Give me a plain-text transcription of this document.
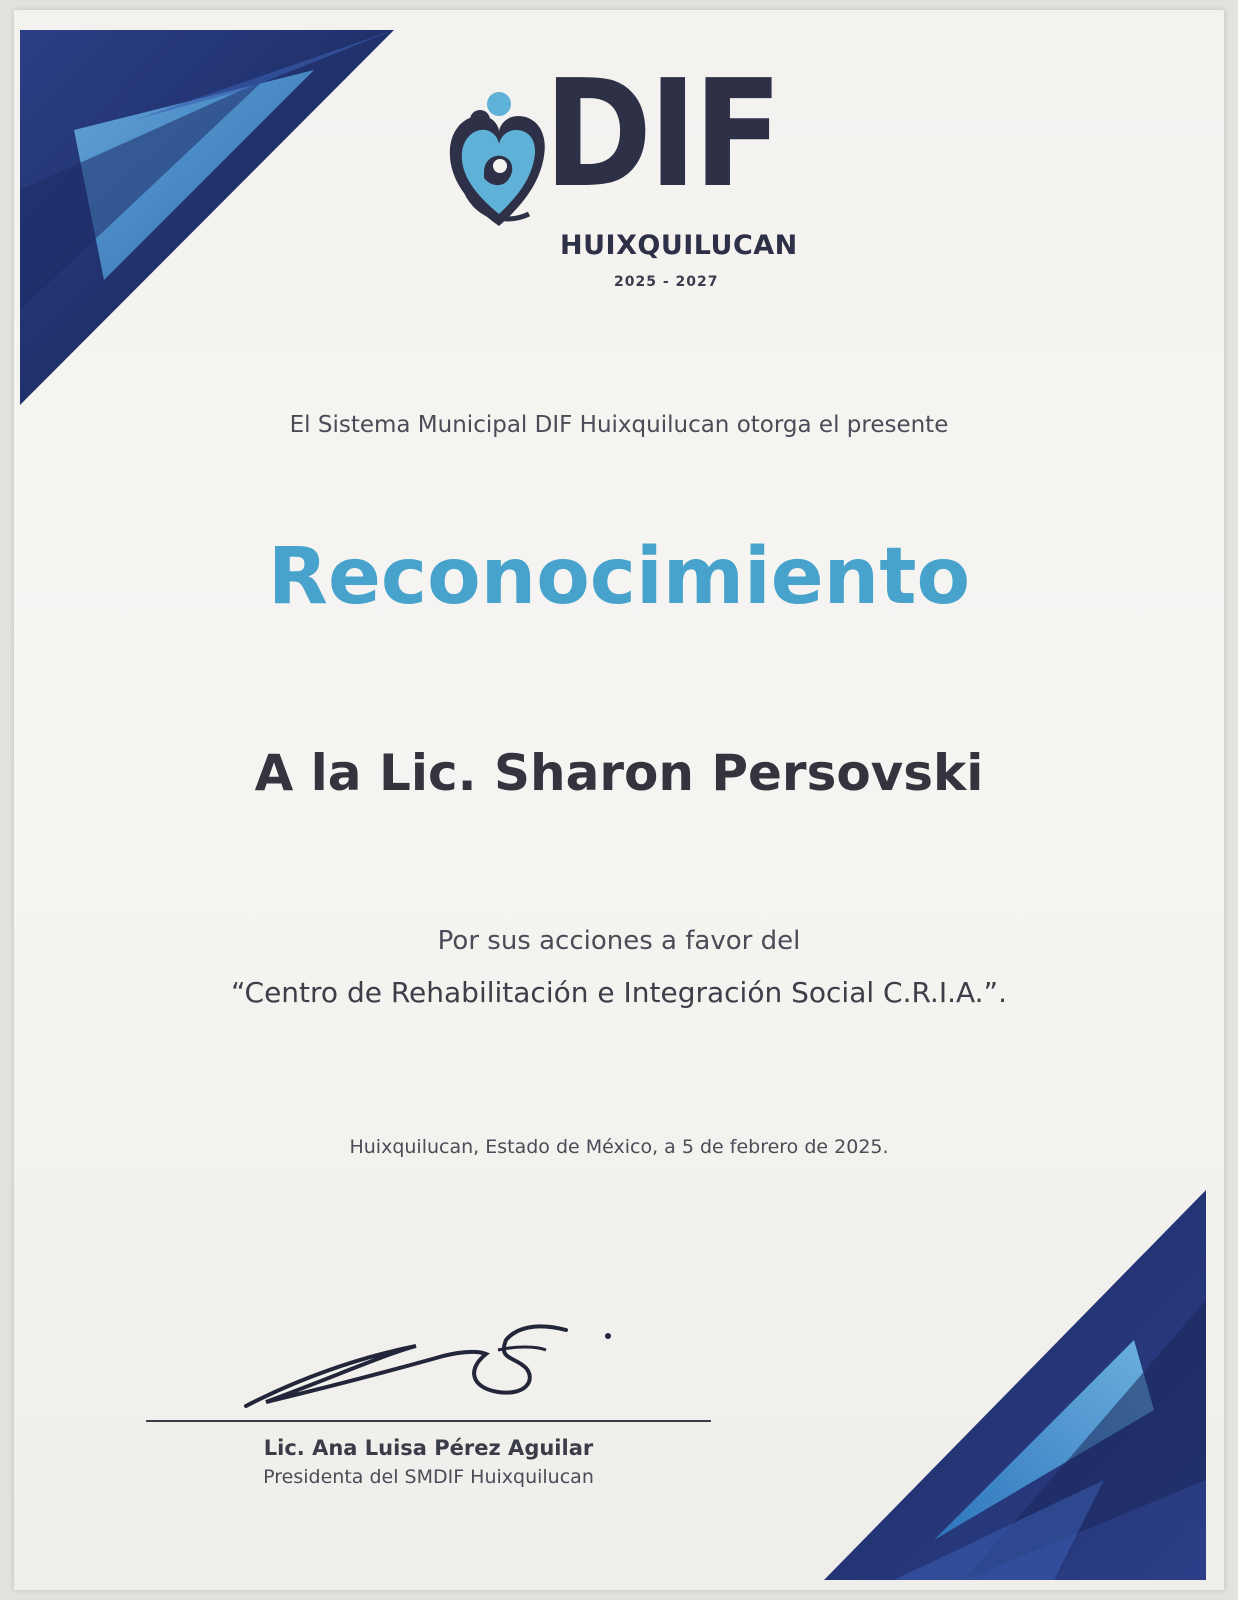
DIF
HUIXQUILUCAN
2025 - 2027

El Sistema Municipal DIF Huixquilucan otorga el presente

Reconocimiento
A la Lic. Sharon Persovski

Por sus acciones a favor del

“Centro de Rehabilitación e Integración Social C.R.I.A.”.

Huixquilucan, Estado de México, a 5 de febrero de 2025.

Lic. Ana Luisa Pérez Aguilar
Presidenta del SMDIF Huixquilucan
